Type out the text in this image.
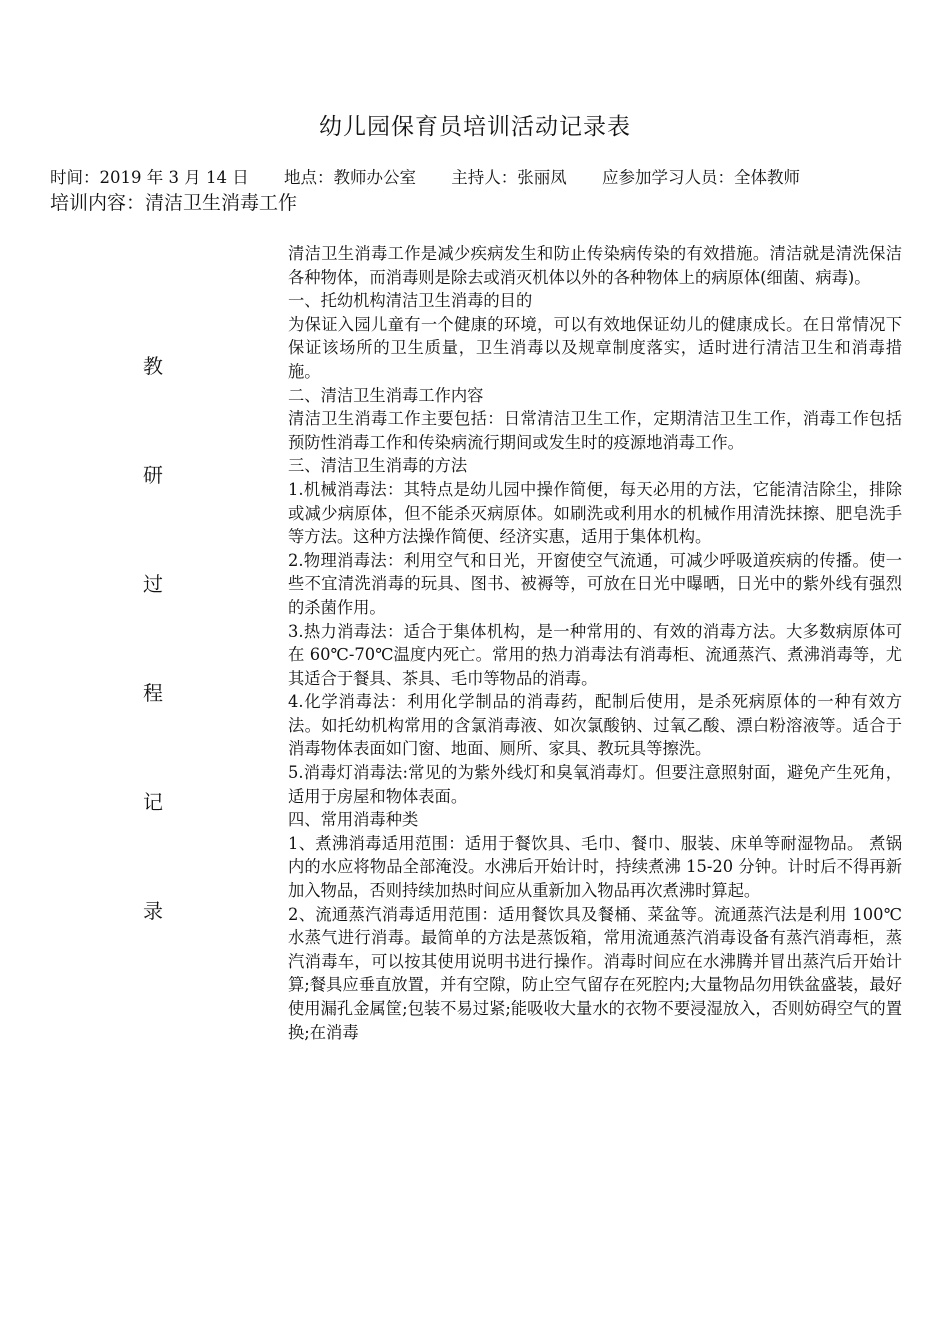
幼儿园保育员培训活动记录表
时间：2019 年 3 月 14 日 地点：教师办公室 主持人：张丽凤 应参加学习人员：全体教师
培训内容：清洁卫生消毒工作
教
研
过
程
记
录

清洁卫生消毒工作是减少疾病发生和防止传染病传染的有效措施。清洁就是清洗保洁各种物体，而消毒则是除去或消灭机体以外的各种物体上的病原体(细菌、病毒)。

一、托幼机构清洁卫生消毒的目的

为保证入园儿童有一个健康的环境，可以有效地保证幼儿的健康成长。在日常情况下保证该场所的卫生质量，卫生消毒以及规章制度落实，适时进行清洁卫生和消毒措施。

二、清洁卫生消毒工作内容

清洁卫生消毒工作主要包括：日常清洁卫生工作，定期清洁卫生工作，消毒工作包括预防性消毒工作和传染病流行期间或发生时的疫源地消毒工作。

三、清洁卫生消毒的方法

1.机械消毒法：其特点是幼儿园中操作简便，每天必用的方法，它能清洁除尘，排除或减少病原体，但不能杀灭病原体。如刷洗或利用水的机械作用清洗抹擦、肥皂洗手等方法。这种方法操作简便、经济实惠，适用于集体机构。

2.物理消毒法：利用空气和日光，开窗使空气流通，可减少呼吸道疾病的传播。使一些不宜清洗消毒的玩具、图书、被褥等，可放在日光中曝晒，日光中的紫外线有强烈的杀菌作用。

3.热力消毒法：适合于集体机构，是一种常用的、有效的消毒方法。大多数病原体可在 60℃-70℃温度内死亡。常用的热力消毒法有消毒柜、流通蒸汽、煮沸消毒等，尤其适合于餐具、茶具、毛巾等物品的消毒。

4.化学消毒法：利用化学制品的消毒药，配制后使用，是杀死病原体的一种有效方法。如托幼机构常用的含氯消毒液、如次氯酸钠、过氧乙酸、漂白粉溶液等。适合于消毒物体表面如门窗、地面、厕所、家具、教玩具等擦洗。

5.消毒灯消毒法:常见的为紫外线灯和臭氧消毒灯。但要注意照射面，避免产生死角，适用于房屋和物体表面。

四、常用消毒种类

1、煮沸消毒适用范围：适用于餐饮具、毛巾、餐巾、服装、床单等耐湿物品。 煮锅内的水应将物品全部淹没。水沸后开始计时，持续煮沸 15-20 分钟。计时后不得再新加入物品，否则持续加热时间应从重新加入物品再次煮沸时算起。

2、流通蒸汽消毒适用范围：适用餐饮具及餐桶、菜盆等。流通蒸汽法是利用 100℃水蒸气进行消毒。最简单的方法是蒸饭箱，常用流通蒸汽消毒设备有蒸汽消毒柜，蒸汽消毒车，可以按其使用说明书进行操作。消毒时间应在水沸腾并冒出蒸汽后开始计算;餐具应垂直放置，并有空隙，防止空气留存在死腔内;大量物品勿用铁盆盛装，最好使用漏孔金属筐;包装不易过紧;能吸收大量水的衣物不要浸湿放入，否则妨碍空气的置换;在消毒
